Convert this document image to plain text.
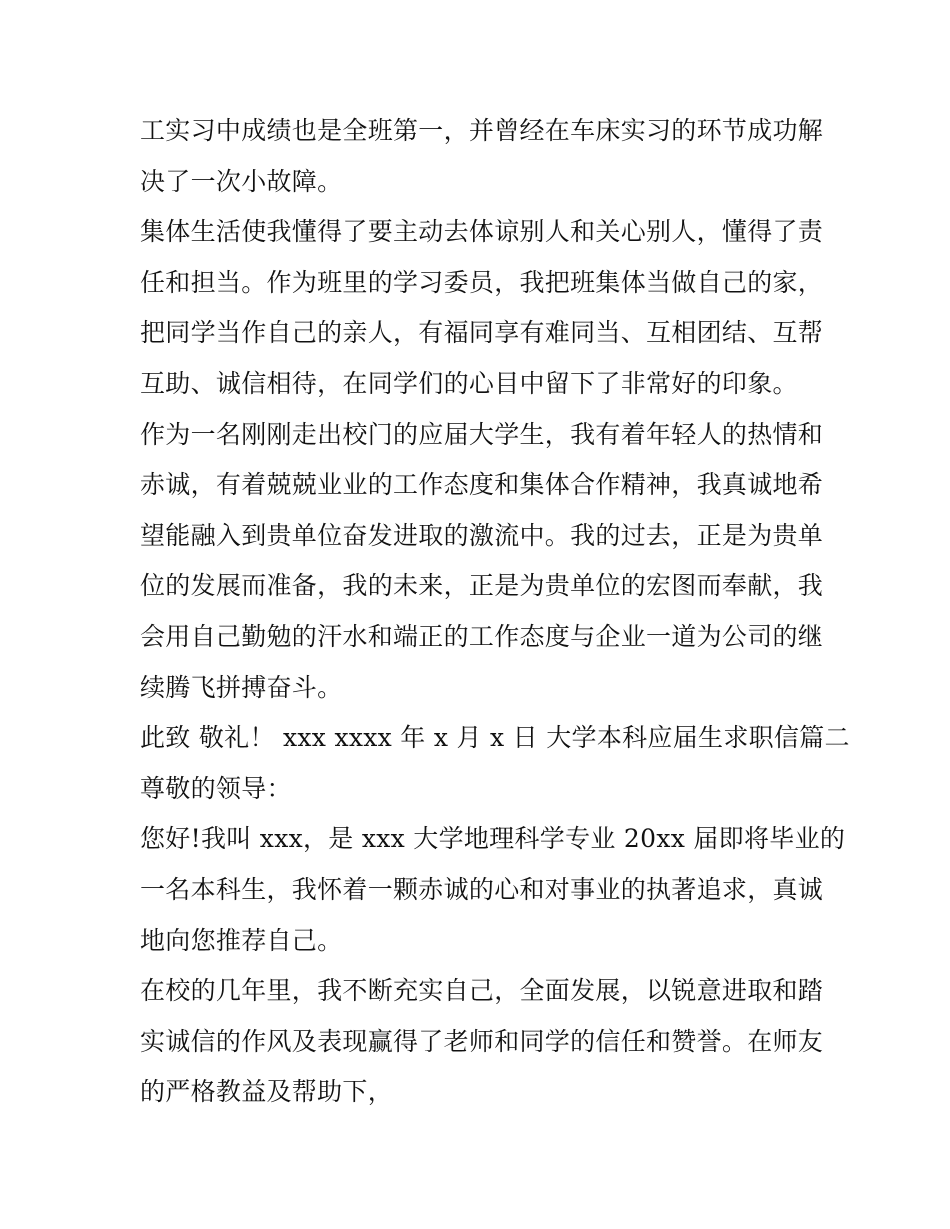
工实习中成绩也是全班第一，并曾经在车床实习的环节成功解
决了一次小故障。
集体生活使我懂得了要主动去体谅别人和关心别人，懂得了责
任和担当。作为班里的学习委员，我把班集体当做自己的家，
把同学当作自己的亲人，有福同享有难同当、互相团结、互帮
互助、诚信相待，在同学们的心目中留下了非常好的印象。
作为一名刚刚走出校门的应届大学生，我有着年轻人的热情和
赤诚，有着兢兢业业的工作态度和集体合作精神，我真诚地希
望能融入到贵单位奋发进取的激流中。我的过去，正是为贵单
位的发展而准备，我的未来，正是为贵单位的宏图而奉献，我
会用自己勤勉的汗水和端正的工作态度与企业一道为公司的继
续腾飞拼搏奋斗。
此致 敬礼！ xxx xxxx 年 x 月 x 日 大学本科应届生求职信篇二
尊敬的领导：
您好!我叫 xxx，是 xxx 大学地理科学专业 20xx 届即将毕业的
一名本科生，我怀着一颗赤诚的心和对事业的执著追求，真诚
地向您推荐自己。
在校的几年里，我不断充实自己，全面发展，以锐意进取和踏
实诚信的作风及表现赢得了老师和同学的信任和赞誉。在师友
的严格教益及帮助下，
